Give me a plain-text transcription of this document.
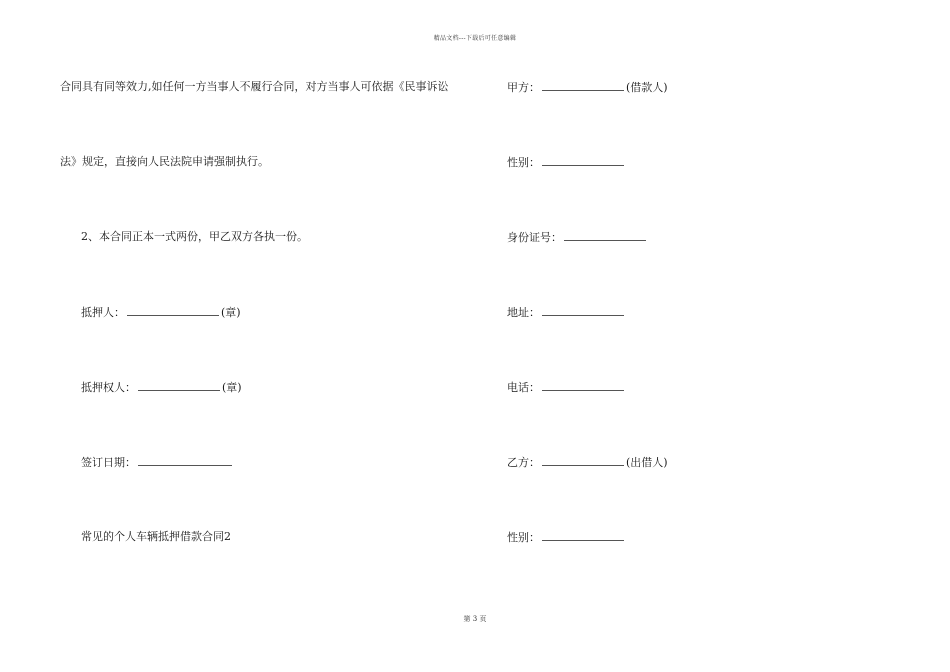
精品文档---下载后可任意编辑
合同具有同等效力,如任何一方当事人不履行合同，对方当事人可依据《民事诉讼
法》规定，直接向人民法院申请强制执行。
2、本合同正本一式两份，甲乙双方各执一份。
抵押人：	(章)
抵押权人：	(章)
签订日期：
常见的个人车辆抵押借款合同2
甲方：	(借款人)
性别：
身份证号：
地址：
电话：
乙方：	(出借人)
性别：
第 3 页
